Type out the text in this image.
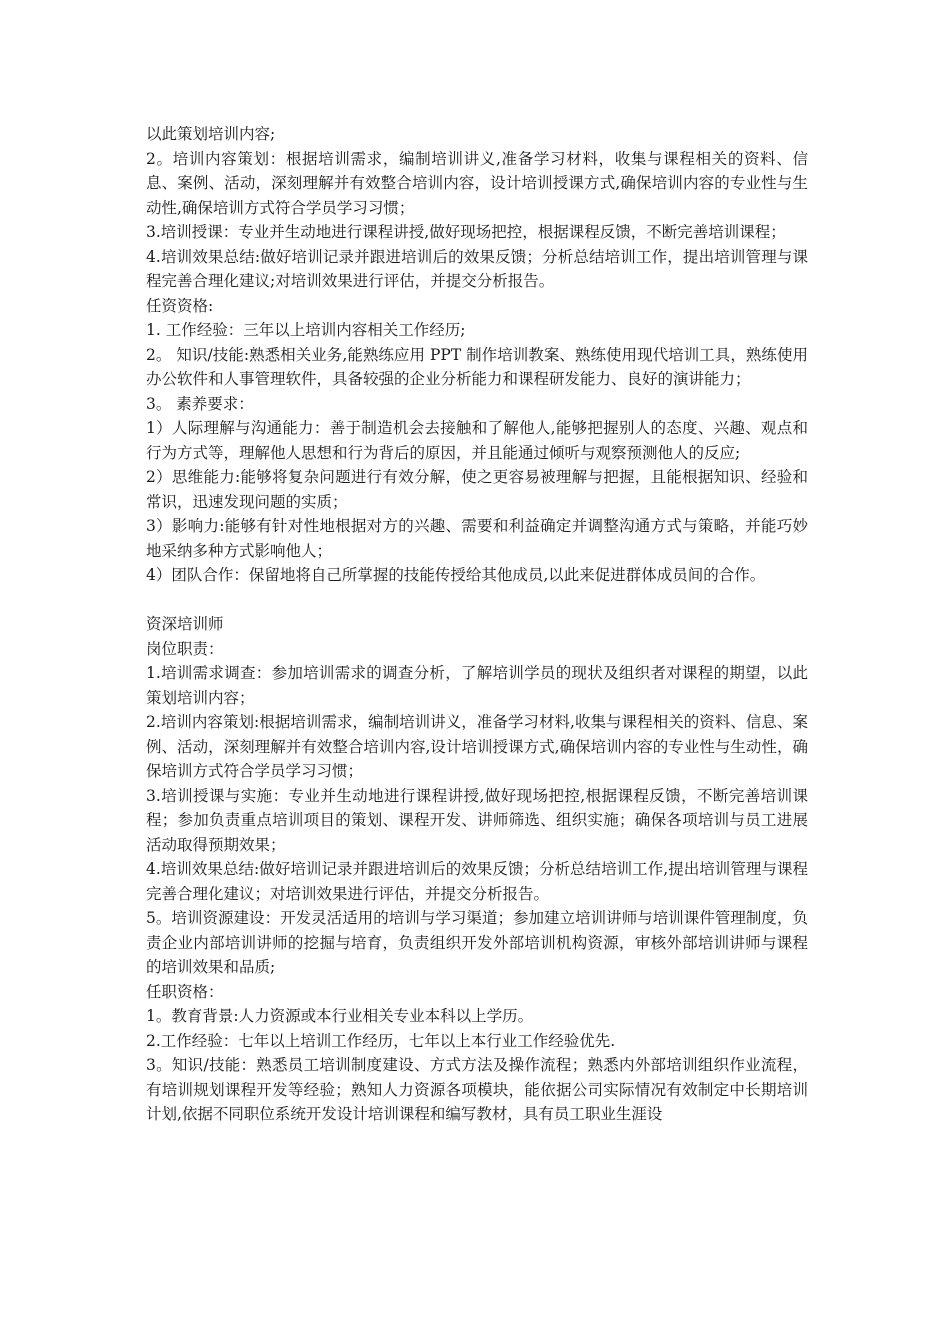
以此策划培训内容;

2。培训内容策划：根据培训需求，编制培训讲义,准备学习材料，收集与课程相关的资料、信息、案例、活动，深刻理解并有效整合培训内容，设计培训授课方式,确保培训内容的专业性与生动性,确保培训方式符合学员学习习惯；

3.培训授课：专业并生动地进行课程讲授,做好现场把控，根据课程反馈，不断完善培训课程；

4.培训效果总结:做好培训记录并跟进培训后的效果反馈；分析总结培训工作，提出培训管理与课程完善合理化建议;对培训效果进行评估，并提交分析报告。

任资资格:

1. 工作经验：三年以上培训内容相关工作经历;

2。 知识/技能:熟悉相关业务,能熟练应用 PPT 制作培训教案、熟练使用现代培训工具，熟练使用办公软件和人事管理软件，具备较强的企业分析能力和课程研发能力、良好的演讲能力；

3。 素养要求：

1）人际理解与沟通能力：善于制造机会去接触和了解他人,能够把握别人的态度、兴趣、观点和行为方式等，理解他人思想和行为背后的原因，并且能通过倾听与观察预测他人的反应;

2）思维能力:能够将复杂问题进行有效分解，使之更容易被理解与把握，且能根据知识、经验和常识，迅速发现问题的实质；

3）影响力:能够有针对性地根据对方的兴趣、需要和利益确定并调整沟通方式与策略，并能巧妙地采纳多种方式影响他人；

4）团队合作：保留地将自己所掌握的技能传授给其他成员,以此来促进群体成员间的合作。

资深培训师

岗位职责：

1.培训需求调查：参加培训需求的调查分析，了解培训学员的现状及组织者对课程的期望，以此策划培训内容；

2.培训内容策划:根据培训需求，编制培训讲义，准备学习材料,收集与课程相关的资料、信息、案例、活动，深刻理解并有效整合培训内容,设计培训授课方式,确保培训内容的专业性与生动性，确保培训方式符合学员学习习惯；

3.培训授课与实施：专业并生动地进行课程讲授,做好现场把控,根据课程反馈，不断完善培训课程；参加负责重点培训项目的策划、课程开发、讲师筛选、组织实施；确保各项培训与员工进展活动取得预期效果；

4.培训效果总结:做好培训记录并跟进培训后的效果反馈；分析总结培训工作,提出培训管理与课程完善合理化建议；对培训效果进行评估，并提交分析报告。

5。培训资源建设：开发灵活适用的培训与学习渠道；参加建立培训讲师与培训课件管理制度，负责企业内部培训讲师的挖掘与培育，负责组织开发外部培训机构资源，审核外部培训讲师与课程的培训效果和品质;

任职资格：

1。教育背景:人力资源或本行业相关专业本科以上学历。

2.工作经验：七年以上培训工作经历，七年以上本行业工作经验优先.

3。知识/技能：熟悉员工培训制度建设、方式方法及操作流程；熟悉内外部培训组织作业流程，有培训规划课程开发等经验；熟知人力资源各项模块，能依据公司实际情况有效制定中长期培训计划,依据不同职位系统开发设计培训课程和编写教材，具有员工职业生涯设
